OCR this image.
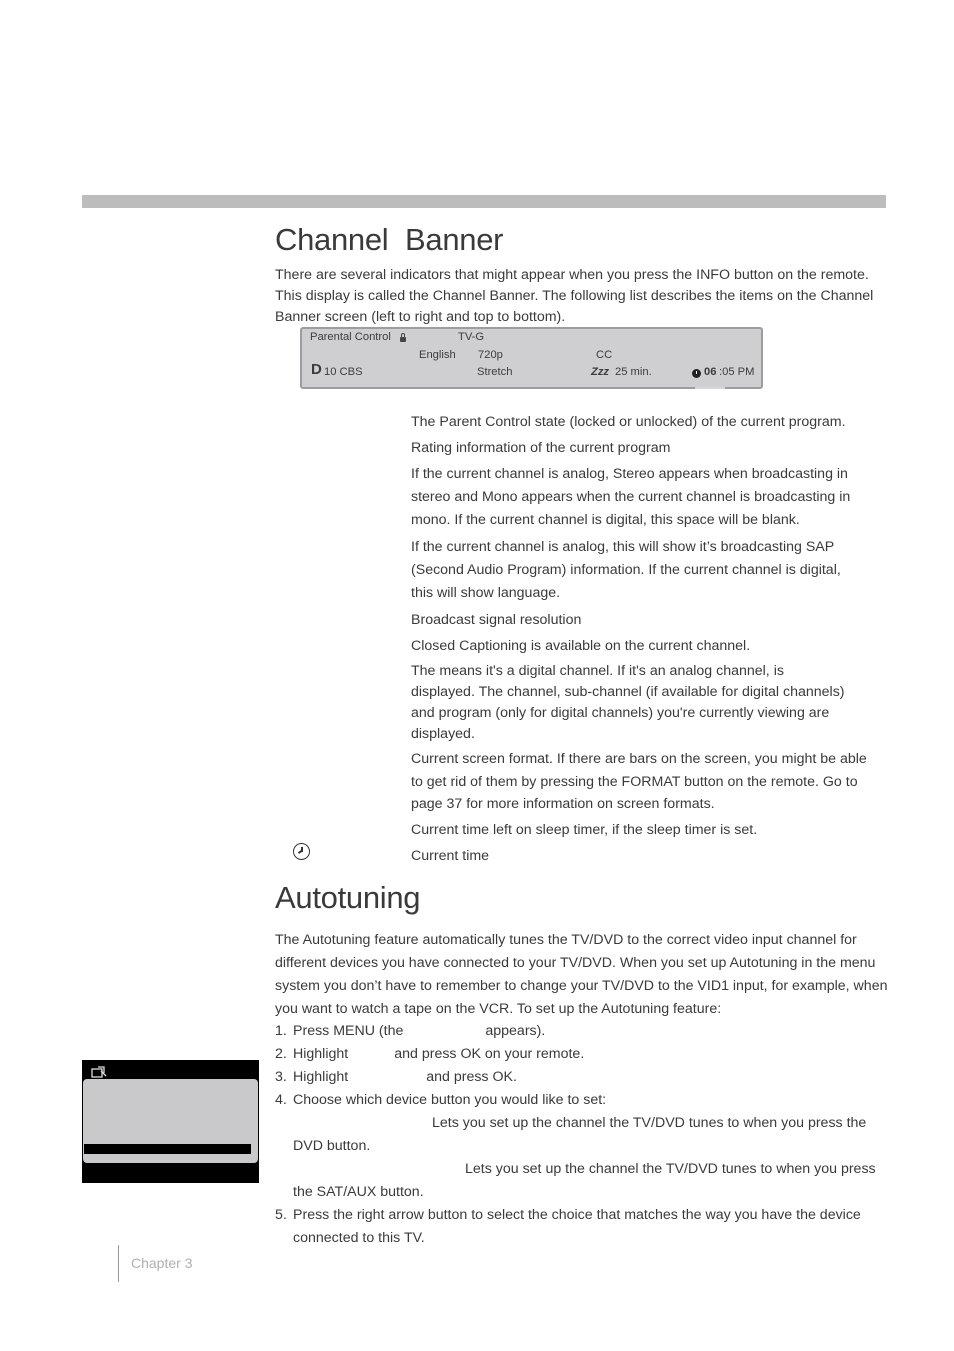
Channel  Banner

There are several indicators that might appear when you press the INFO button on the remote. This display is called the Channel Banner. The following list describes the items on the Channel Banner screen (left to right and top to bottom).

Parental Control	TV-G
English 720p	CC
D 10 CBS	Stretch	Zzz 25 min.	06 :05 PM

The Parent Control state (locked or unlocked) of the current program.

Rating information of the current program

If the current channel is analog, Stereo appears when broadcasting in stereo and Mono appears when the current channel is broadcasting in mono. If the current channel is digital, this space will be blank.

If the current channel is analog, this will show it’s broadcasting SAP (Second Audio Program) information. If the current channel is digital, this will show language.

Broadcast signal resolution

Closed Captioning is available on the current channel.

The means it's a digital channel. If it's an analog channel, is displayed. The channel, sub-channel (if available for digital channels) and program (only for digital channels) you're currently viewing are displayed.

Current screen format. If there are bars on the screen, you might be able to get rid of them by pressing the FORMAT button on the remote. Go to page 37 for more information on screen formats.

Current time left on sleep timer, if the sleep timer is set.

Current time

Autotuning

The Autotuning feature automatically tunes the TV/DVD to the correct video input channel for different devices you have connected to your TV/DVD. When you set up Autotuning in the menu system you don’t have to remember to change your TV/DVD to the VID1 input, for example, when you want to watch a tape on the VCR. To set up the Autotuning feature:

1. Press MENU (the	appears).
2. Highlight	and press OK on your remote.
3. Highlight	and press OK.
4. Choose which device button you would like to set:
Lets you set up the channel the TV/DVD tunes to when you press the DVD button.
Lets you set up the channel the TV/DVD tunes to when you press the SAT/AUX button.
5. Press the right arrow button to select the choice that matches the way you have the device connected to this TV.
Chapter 3
